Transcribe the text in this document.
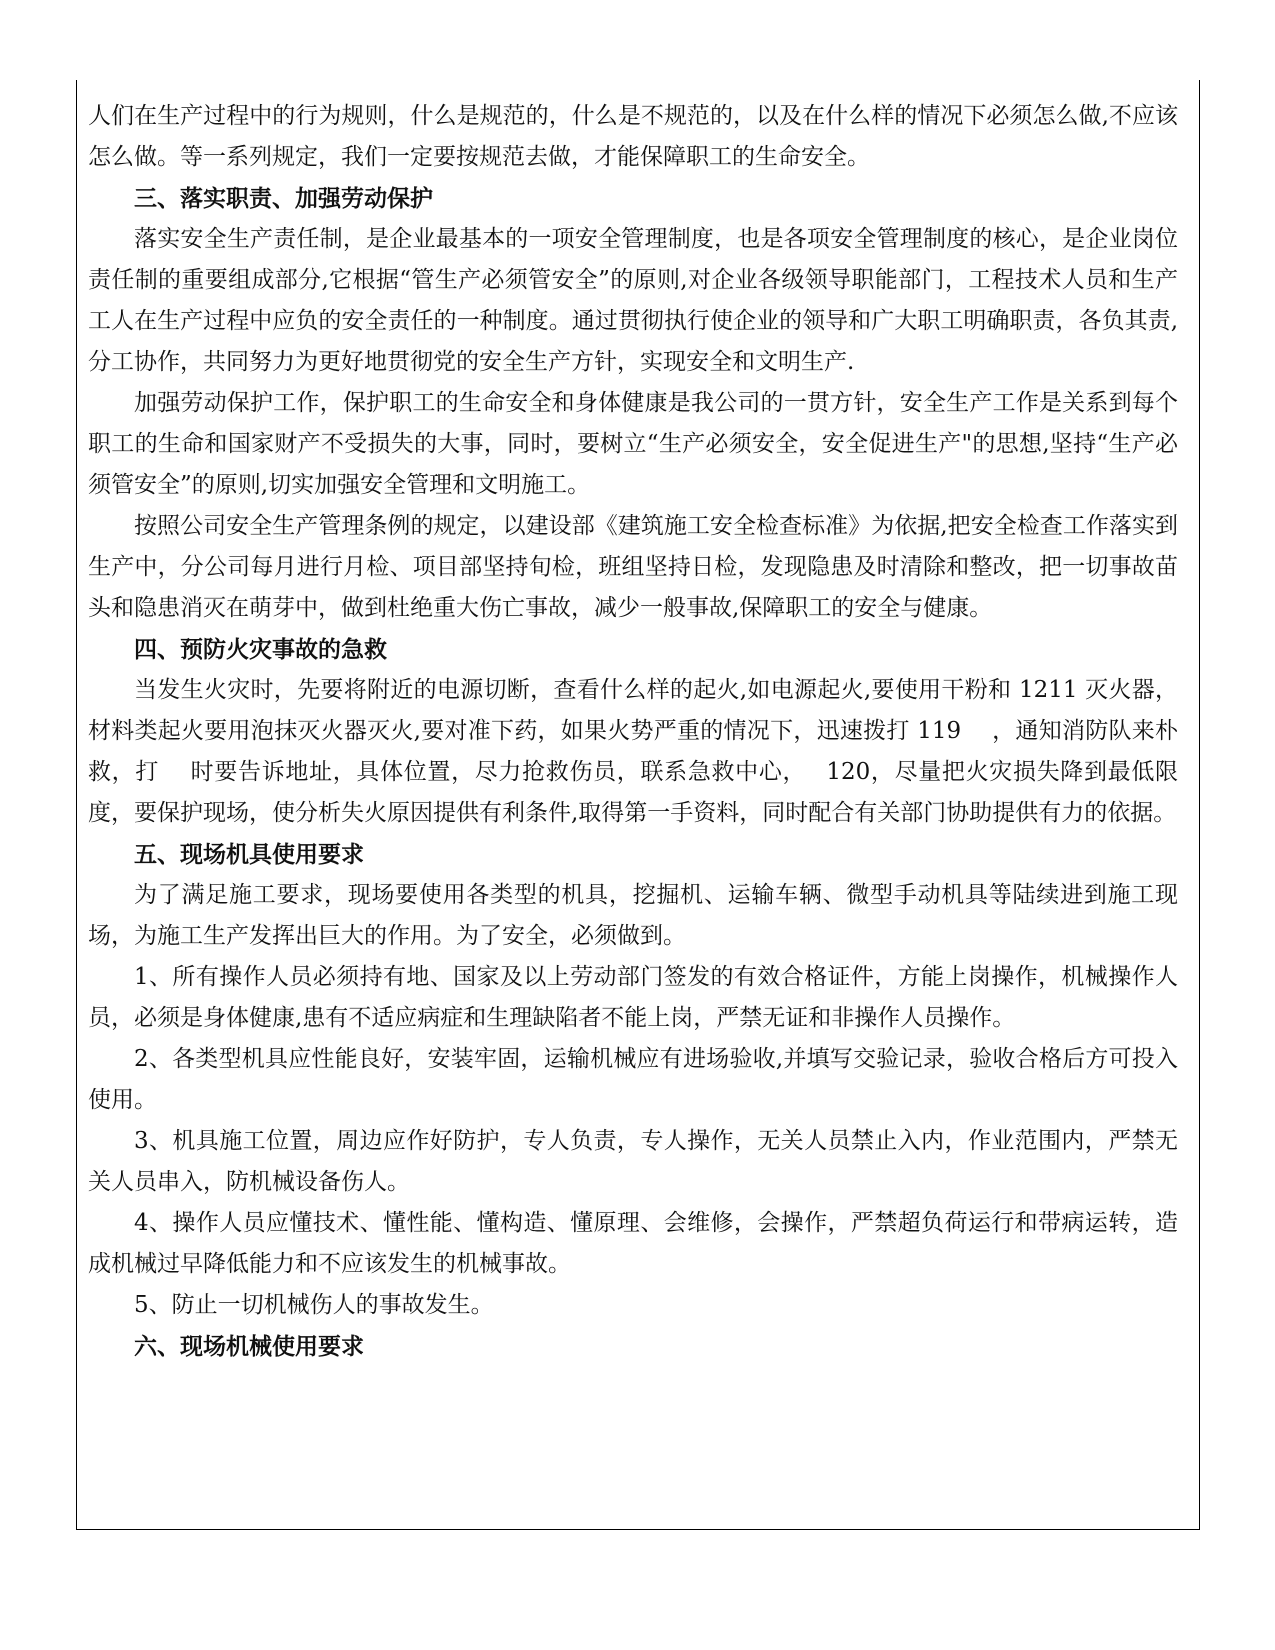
人们在生产过程中的行为规则，什么是规范的，什么是不规范的，以及在什么样的情况下必须怎么做,不应该怎么做。等一系列规定，我们一定要按规范去做，才能保障职工的生命安全。

三、落实职责、加强劳动保护

落实安全生产责任制，是企业最基本的一项安全管理制度，也是各项安全管理制度的核心，是企业岗位责任制的重要组成部分,它根据“管生产必须管安全”的原则,对企业各级领导职能部门，工程技术人员和生产工人在生产过程中应负的安全责任的一种制度。通过贯彻执行使企业的领导和广大职工明确职责，各负其责,分工协作，共同努力为更好地贯彻党的安全生产方针，实现安全和文明生产.

加强劳动保护工作，保护职工的生命安全和身体健康是我公司的一贯方针，安全生产工作是关系到每个职工的生命和国家财产不受损失的大事，同时，要树立“生产必须安全，安全促进生产"的思想,坚持“生产必须管安全”的原则,切实加强安全管理和文明施工。

按照公司安全生产管理条例的规定，以建设部《建筑施工安全检查标准》为依据,把安全检查工作落实到生产中，分公司每月进行月检、项目部坚持旬检，班组坚持日检，发现隐患及时清除和整改，把一切事故苗头和隐患消灭在萌芽中，做到杜绝重大伤亡事故，减少一般事故,保障职工的安全与健康。

四、预防火灾事故的急救

当发生火灾时，先要将附近的电源切断，查看什么样的起火,如电源起火,要使用干粉和 1211 灭火器，材料类起火要用泡抹灭火器灭火,要对准下药，如果火势严重的情况下，迅速拨打 119　 ，通知消防队来朴救，打　 时要告诉地址，具体位置，尽力抢救伤员，联系急救中心，　 120，尽量把火灾损失降到最低限度，要保护现场，使分析失火原因提供有利条件,取得第一手资料，同时配合有关部门协助提供有力的依据。

五、现场机具使用要求

为了满足施工要求，现场要使用各类型的机具，挖掘机、运输车辆、微型手动机具等陆续进到施工现场，为施工生产发挥出巨大的作用。为了安全，必须做到。

1、所有操作人员必须持有地、国家及以上劳动部门签发的有效合格证件，方能上岗操作，机械操作人员，必须是身体健康,患有不适应病症和生理缺陷者不能上岗，严禁无证和非操作人员操作。

2、各类型机具应性能良好，安装牢固，运输机械应有进场验收,并填写交验记录，验收合格后方可投入使用。

3、机具施工位置，周边应作好防护，专人负责，专人操作，无关人员禁止入内，作业范围内，严禁无关人员串入，防机械设备伤人。

4、操作人员应懂技术、懂性能、懂构造、懂原理、会维修，会操作，严禁超负荷运行和带病运转，造成机械过早降低能力和不应该发生的机械事故。

5、防止一切机械伤人的事故发生。

六、现场机械使用要求
